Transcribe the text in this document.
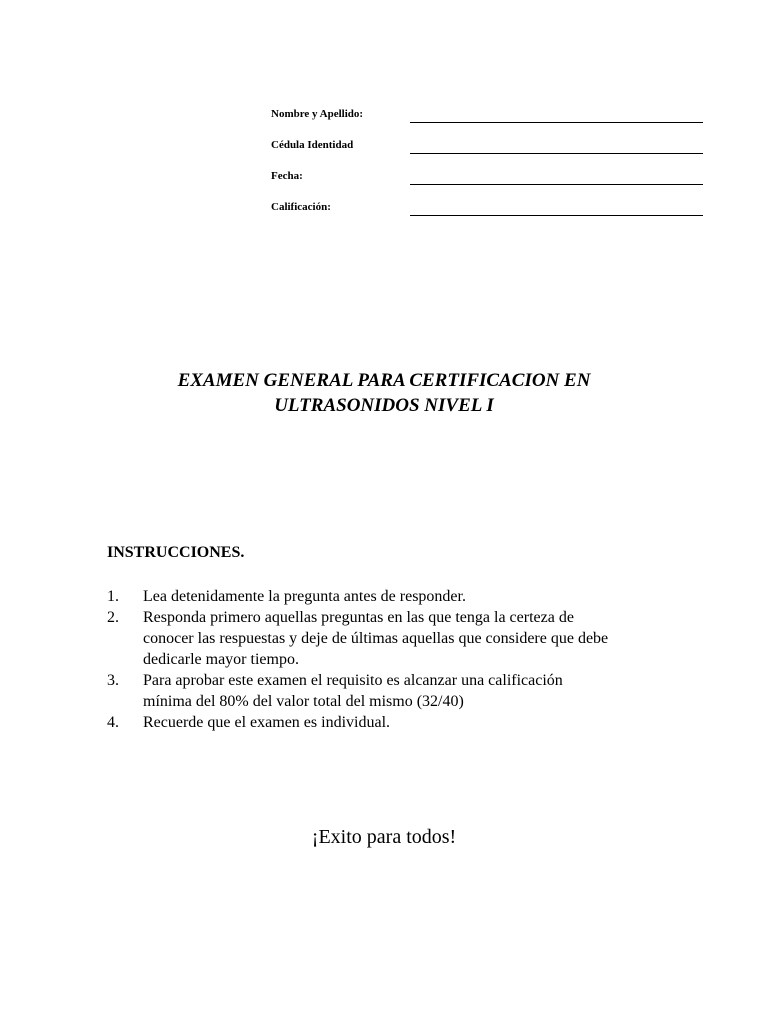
Nombre y Apellido:
Cédula Identidad
Fecha:
Calificación:
EXAMEN GENERAL PARA CERTIFICACION EN
ULTRASONIDOS NIVEL I
INSTRUCCIONES.
1. Lea detenidamente la pregunta antes de responder.
2. Responda primero aquellas preguntas en las que tenga la certeza de
conocer las respuestas y deje de últimas aquellas que considere que debe
dedicarle mayor tiempo.
3. Para aprobar este examen el requisito es alcanzar una calificación
mínima del 80% del valor total del mismo (32/40)
4. Recuerde que el examen es individual.
¡Exito para todos!
